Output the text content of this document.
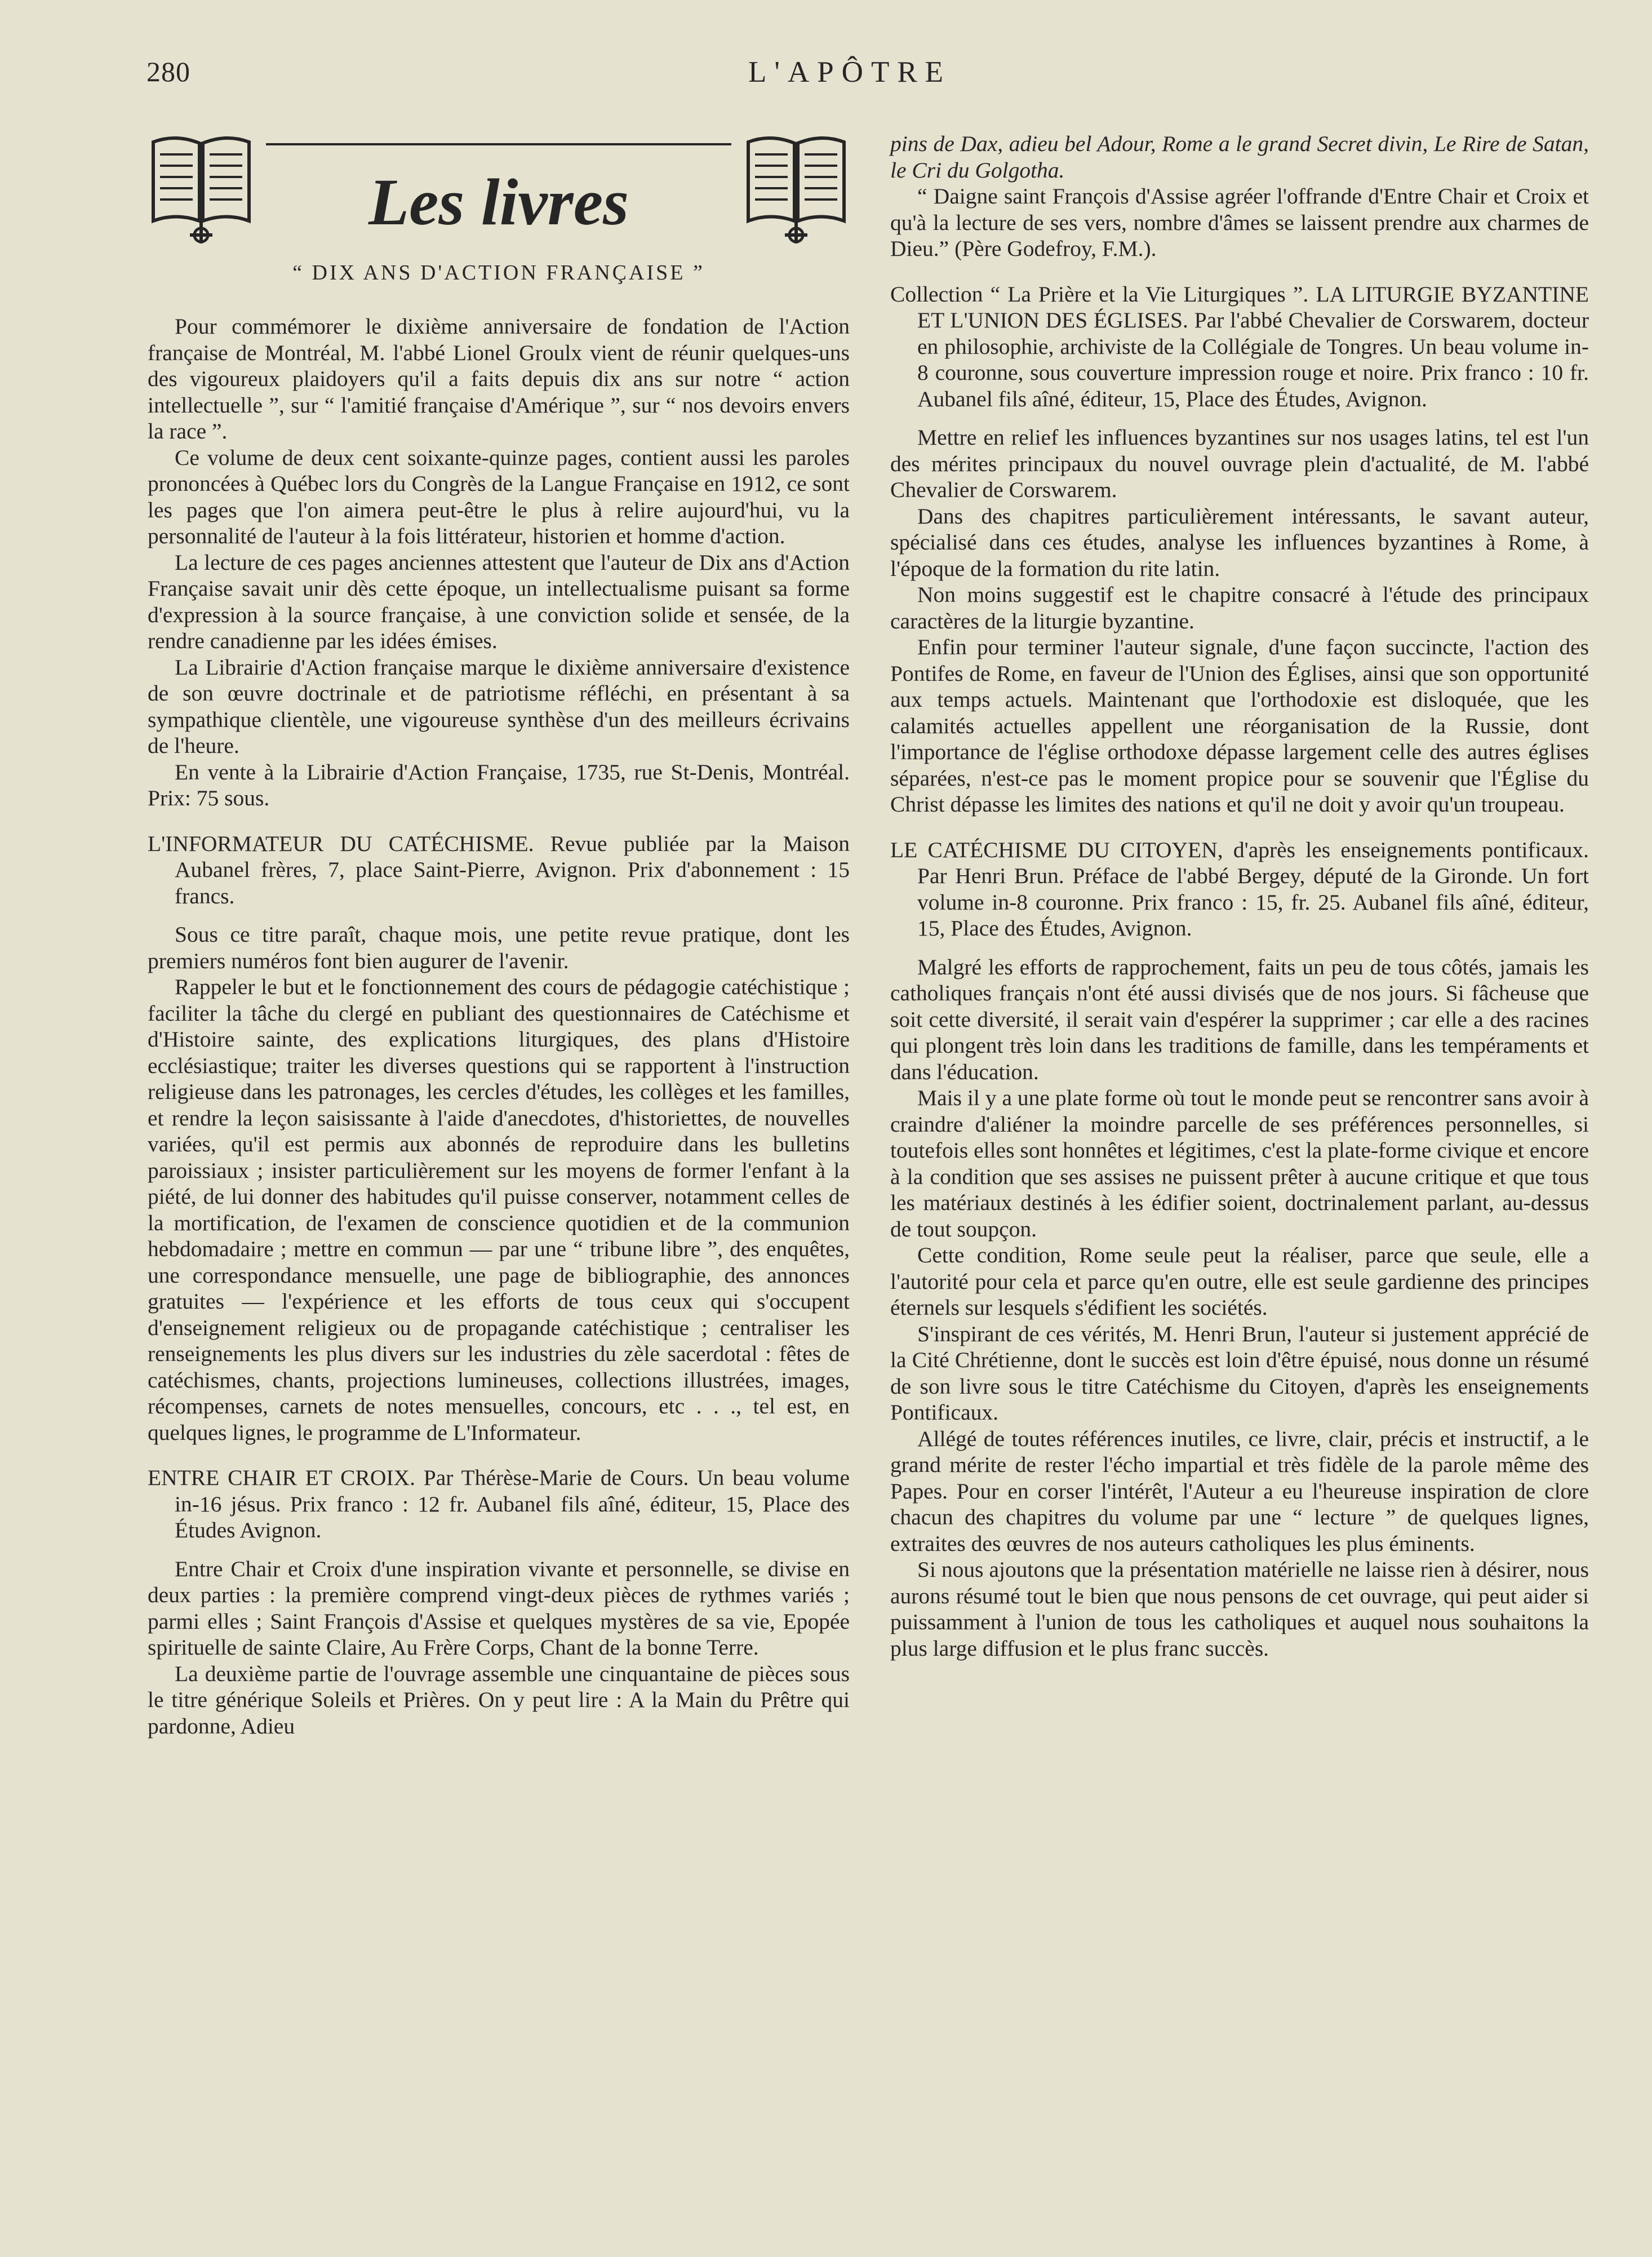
280	L'APÔTRE
Les livres
“ DIX ANS D'ACTION FRANÇAISE ”

Pour commémorer le dixième anniversaire de fondation de l'Action française de Montréal, M. l'abbé Lionel Groulx vient de réunir quelques-uns des vigoureux plaidoyers qu'il a faits depuis dix ans sur notre “ action intellectuelle ”, sur “ l'amitié française d'Amérique ”, sur “ nos devoirs envers la race ”.

Ce volume de deux cent soixante-quinze pages, contient aussi les paroles prononcées à Québec lors du Congrès de la Langue Française en 1912, ce sont les pages que l'on aimera peut-être le plus à relire aujourd'hui, vu la personnalité de l'auteur à la fois littérateur, historien et homme d'action.

La lecture de ces pages anciennes attestent que l'auteur de Dix ans d'Action Française savait unir dès cette époque, un intellectualisme puisant sa forme d'expression à la source française, à une conviction solide et sensée, de la rendre canadienne par les idées émises.

La Librairie d'Action française marque le dixième anniversaire d'existence de son œuvre doctrinale et de patriotisme réfléchi, en présentant à sa sympathique clientèle, une vigoureuse synthèse d'un des meilleurs écrivains de l'heure.

En vente à la Librairie d'Action Française, 1735, rue St-Denis, Montréal. Prix: 75 sous.

L'INFORMATEUR DU CATÉCHISME. Revue publiée par la Maison Aubanel frères, 7, place Saint-Pierre, Avignon. Prix d'abonnement : 15 francs.

Sous ce titre paraît, chaque mois, une petite revue pratique, dont les premiers numéros font bien augurer de l'avenir.

Rappeler le but et le fonctionnement des cours de pédagogie catéchistique ; faciliter la tâche du clergé en publiant des questionnaires de Catéchisme et d'Histoire sainte, des explications liturgiques, des plans d'Histoire ecclésiastique; traiter les diverses questions qui se rapportent à l'instruction religieuse dans les patronages, les cercles d'études, les collèges et les familles, et rendre la leçon saisissante à l'aide d'anecdotes, d'historiettes, de nouvelles variées, qu'il est permis aux abonnés de reproduire dans les bulletins paroissiaux ; insister particulièrement sur les moyens de former l'enfant à la piété, de lui donner des habitudes qu'il puisse conserver, notamment celles de la mortification, de l'examen de conscience quotidien et de la communion hebdomadaire ; mettre en commun — par une “ tribune libre ”, des enquêtes, une correspondance mensuelle, une page de bibliographie, des annonces gratuites — l'expérience et les efforts de tous ceux qui s'occupent d'enseignement religieux ou de propagande catéchistique ; centraliser les renseignements les plus divers sur les industries du zèle sacerdotal : fêtes de catéchismes, chants, projections lumineuses, collections illustrées, images, récompenses, carnets de notes mensuelles, concours, etc . . ., tel est, en quelques lignes, le programme de L'Informateur.

ENTRE CHAIR ET CROIX. Par Thérèse-Marie de Cours. Un beau volume in-16 jésus. Prix franco : 12 fr. Aubanel fils aîné, éditeur, 15, Place des Études Avignon.

Entre Chair et Croix d'une inspiration vivante et personnelle, se divise en deux parties : la première comprend vingt-deux pièces de rythmes variés ; parmi elles ; Saint François d'Assise et quelques mystères de sa vie, Epopée spirituelle de sainte Claire, Au Frère Corps, Chant de la bonne Terre.

La deuxième partie de l'ouvrage assemble une cinquantaine de pièces sous le titre générique Soleils et Prières. On y peut lire : A la Main du Prêtre qui pardonne, Adieu

pins de Dax, adieu bel Adour, Rome a le grand Secret divin, Le Rire de Satan, le Cri du Golgotha.

“ Daigne saint François d'Assise agréer l'offrande d'Entre Chair et Croix et qu'à la lecture de ses vers, nombre d'âmes se laissent prendre aux charmes de Dieu.” (Père Godefroy, F.M.).

Collection “ La Prière et la Vie Liturgiques ”. LA LITURGIE BYZANTINE ET L'UNION DES ÉGLISES. Par l'abbé Chevalier de Corswarem, docteur en philosophie, archiviste de la Collégiale de Tongres. Un beau volume in-8 couronne, sous couverture impression rouge et noire. Prix franco : 10 fr. Aubanel fils aîné, éditeur, 15, Place des Études, Avignon.

Mettre en relief les influences byzantines sur nos usages latins, tel est l'un des mérites principaux du nouvel ouvrage plein d'actualité, de M. l'abbé Chevalier de Corswarem.

Dans des chapitres particulièrement intéressants, le savant auteur, spécialisé dans ces études, analyse les influences byzantines à Rome, à l'époque de la formation du rite latin.

Non moins suggestif est le chapitre consacré à l'étude des principaux caractères de la liturgie byzantine.

Enfin pour terminer l'auteur signale, d'une façon succincte, l'action des Pontifes de Rome, en faveur de l'Union des Églises, ainsi que son opportunité aux temps actuels. Maintenant que l'orthodoxie est disloquée, que les calamités actuelles appellent une réorganisation de la Russie, dont l'importance de l'église orthodoxe dépasse largement celle des autres églises séparées, n'est-ce pas le moment propice pour se souvenir que l'Église du Christ dépasse les limites des nations et qu'il ne doit y avoir qu'un troupeau.

LE CATÉCHISME DU CITOYEN, d'après les enseignements pontificaux. Par Henri Brun. Préface de l'abbé Bergey, député de la Gironde. Un fort volume in-8 couronne. Prix franco : 15, fr. 25. Aubanel fils aîné, éditeur, 15, Place des Études, Avignon.

Malgré les efforts de rapprochement, faits un peu de tous côtés, jamais les catholiques français n'ont été aussi divisés que de nos jours. Si fâcheuse que soit cette diversité, il serait vain d'espérer la supprimer ; car elle a des racines qui plongent très loin dans les traditions de famille, dans les tempéraments et dans l'éducation.

Mais il y a une plate forme où tout le monde peut se rencontrer sans avoir à craindre d'aliéner la moindre parcelle de ses préférences personnelles, si toutefois elles sont honnêtes et légitimes, c'est la plate-forme civique et encore à la condition que ses assises ne puissent prêter à aucune critique et que tous les matériaux destinés à les édifier soient, doctrinalement parlant, au-dessus de tout soupçon.

Cette condition, Rome seule peut la réaliser, parce que seule, elle a l'autorité pour cela et parce qu'en outre, elle est seule gardienne des principes éternels sur lesquels s'édifient les sociétés.

S'inspirant de ces vérités, M. Henri Brun, l'auteur si justement apprécié de la Cité Chrétienne, dont le succès est loin d'être épuisé, nous donne un résumé de son livre sous le titre Catéchisme du Citoyen, d'après les enseignements Pontificaux.

Allégé de toutes références inutiles, ce livre, clair, précis et instructif, a le grand mérite de rester l'écho impartial et très fidèle de la parole même des Papes. Pour en corser l'intérêt, l'Auteur a eu l'heureuse inspiration de clore chacun des chapitres du volume par une “ lecture ” de quelques lignes, extraites des œuvres de nos auteurs catholiques les plus éminents.

Si nous ajoutons que la présentation matérielle ne laisse rien à désirer, nous aurons résumé tout le bien que nous pensons de cet ouvrage, qui peut aider si puissamment à l'union de tous les catholiques et auquel nous souhaitons la plus large diffusion et le plus franc succès.
